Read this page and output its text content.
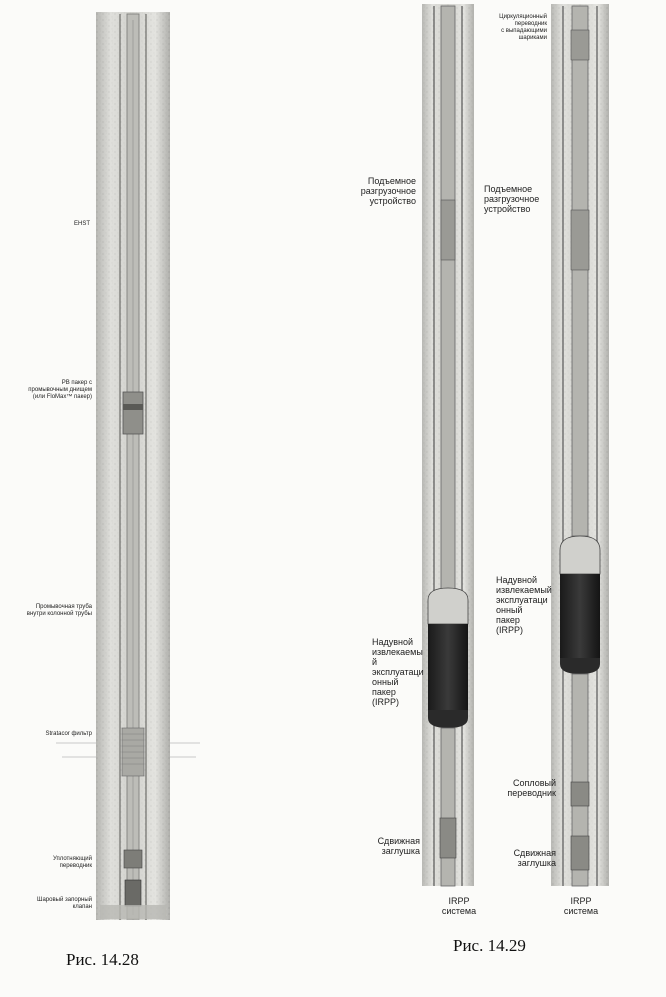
EHST
PB пакер с
промывочным днищем
(или FloMax™ пакер)
Промывочная труба
внутри колонной трубы
Stratacor фильтр
Уплотняющий
переводник
Шаровый запорный
клапан
Рис. 14.28
Подъемное
разгрузочное
устройство
Надувной
извлекаемы
й
эксплуатаци
онный
пакер
(IRPP)
Сдвижная
заглушка
IRPP
система
Циркуляционный
переводник
с выпадающими
шариками
Подъемное
разгрузочное
устройство
Надувной
извлекаемый
эксплуатаци
онный
пакер
(IRPP)
Сопловый
переводник
Сдвижная
заглушка
IRPP
система
Рис. 14.29
